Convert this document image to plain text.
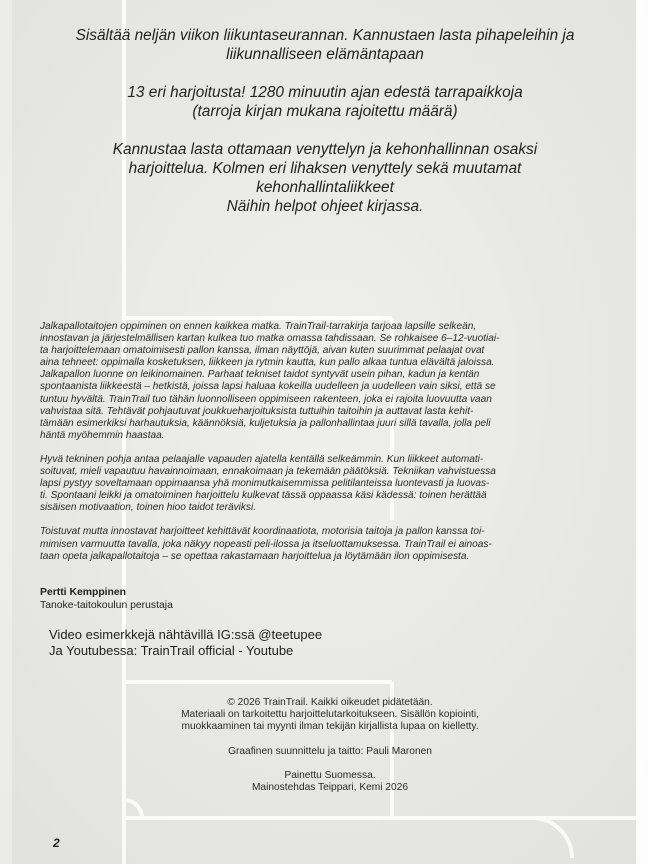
Sisältää neljän viikon liikuntaseurannan. Kannustaen lasta pihapeleihin ja
liikunnalliseen elämäntapaan

13 eri harjoitusta! 1280 minuutin ajan edestä tarrapaikkoja
(tarroja kirjan mukana rajoitettu määrä)

Kannustaa lasta ottamaan venyttelyn ja kehonhallinnan osaksi
harjoittelua. Kolmen eri lihaksen venyttely sekä muutamat
kehonhallintaliikkeet
Näihin helpot ohjeet kirjassa.

Jalkapallotaitojen oppiminen on ennen kaikkea matka. TrainTrail-tarrakirja tarjoaa lapsille selkeän,
innostavan ja järjestelmällisen kartan kulkea tuo matka omassa tahdissaan. Se rohkaisee 6–12-vuotiai-
ta harjoittelemaan omatoimisesti pallon kanssa, ilman näyttöjä, aivan kuten suurimmat pelaajat ovat
aina tehneet: oppimalla kosketuksen, liikkeen ja rytmin kautta, kun pallo alkaa tuntua elävältä jaloissa.
Jalkapallon luonne on leikinomainen. Parhaat tekniset taidot syntyvät usein pihan, kadun ja kentän
spontaanista liikkeestä – hetkistä, joissa lapsi haluaa kokeilla uudelleen ja uudelleen vain siksi, että se
tuntuu hyvältä. TrainTrail tuo tähän luonnolliseen oppimiseen rakenteen, joka ei rajoita luovuutta vaan
vahvistaa sitä. Tehtävät pohjautuvat joukkueharjoituksista tuttuihin taitoihin ja auttavat lasta kehit-
tämään esimerkiksi harhautuksia, käännöksiä, kuljetuksia ja pallonhallintaa juuri sillä tavalla, jolla peli
häntä myöhemmin haastaa.

Hyvä tekninen pohja antaa pelaajalle vapauden ajatella kentällä selkeämmin. Kun liikkeet automati-
soituvat, mieli vapautuu havainnoimaan, ennakoimaan ja tekemään päätöksiä. Tekniikan vahvistuessa
lapsi pystyy soveltamaan oppimaansa yhä monimutkaisemmissa pelitilanteissa luontevasti ja luovas-
ti. Spontaani leikki ja omatoiminen harjoittelu kulkevat tässä oppaassa käsi kädessä: toinen herättää
sisäisen motivaation, toinen hioo taidot teräviksi.

Toistuvat mutta innostavat harjoitteet kehittävät koordinaatiota, motorisia taitoja ja pallon kanssa toi-
mimisen varmuutta tavalla, joka näkyy nopeasti peli-ilossa ja itseluottamuksessa. TrainTrail ei ainoas-
taan opeta jalkapallotaitoja – se opettaa rakastamaan harjoittelua ja löytämään ilon oppimisesta.

Pertti Kemppinen
Tanoke-taitokoulun perustaja
Video esimerkkejä nähtävillä IG:ssä @teetupee
Ja Youtubessa: TrainTrail official - Youtube

© 2026 TrainTrail. Kaikki oikeudet pidätetään.
Materiaali on tarkoitettu harjoittelutarkoitukseen. Sisällön kopiointi,
muokkaaminen tai myynti ilman tekijän kirjallista lupaa on kielletty.

Graafinen suunnittelu ja taitto: Pauli Maronen

Painettu Suomessa.
Mainostehdas Teippari, Kemi 2026

2
